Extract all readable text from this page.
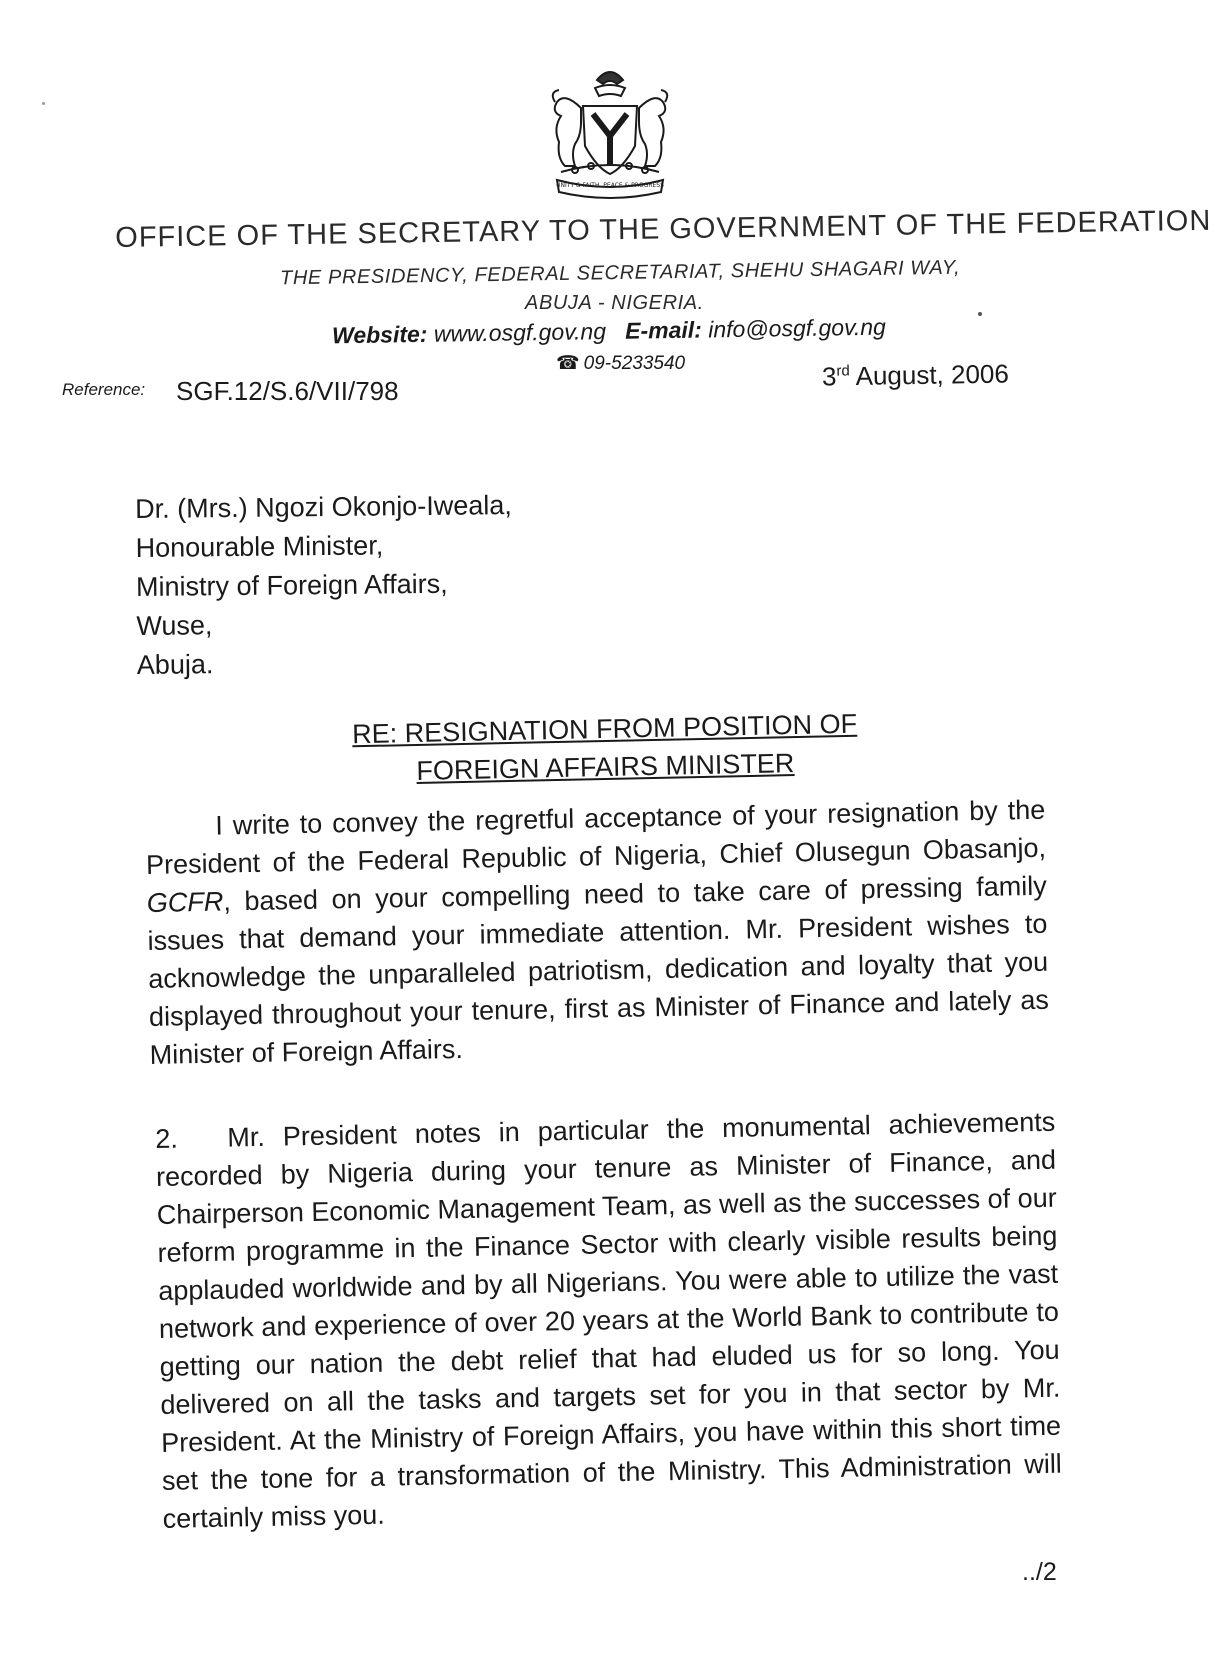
UNITY & FAITH, PEACE & PROGRESS
OFFICE OF THE SECRETARY TO THE GOVERNMENT OF THE FEDERATION
THE PRESIDENCY, FEDERAL SECRETARIAT, SHEHU SHAGARI WAY,
ABUJA - NIGERIA.
Website: www.osgf.gov.ng E-mail: info@osgf.gov.ng
☎ 09-5233540
Reference: SGF.12/S.6/VII/798	3rd August, 2006
Dr. (Mrs.) Ngozi Okonjo-Iweala,
Honourable Minister,
Ministry of Foreign Affairs,
Wuse,
Abuja.
RE: RESIGNATION FROM POSITION OF
FOREIGN AFFAIRS MINISTER
I write to convey the regretful acceptance of your resignation by the President of the Federal Republic of Nigeria, Chief Olusegun Obasanjo, GCFR, based on your compelling need to take care of pressing family issues that demand your immediate attention. Mr. President wishes to acknowledge the unparalleled patriotism, dedication and loyalty that you displayed throughout your tenure, first as Minister of Finance and lately as Minister of Foreign Affairs.
2. Mr. President notes in particular the monumental achievements recorded by Nigeria during your tenure as Minister of Finance, and Chairperson Economic Management Team, as well as the successes of our reform programme in the Finance Sector with clearly visible results being applauded worldwide and by all Nigerians. You were able to utilize the vast network and experience of over 20 years at the World Bank to contribute to getting our nation the debt relief that had eluded us for so long. You delivered on all the tasks and targets set for you in that sector by Mr. President. At the Ministry of Foreign Affairs, you have within this short time set the tone for a transformation of the Ministry. This Administration will certainly miss you.
../2
